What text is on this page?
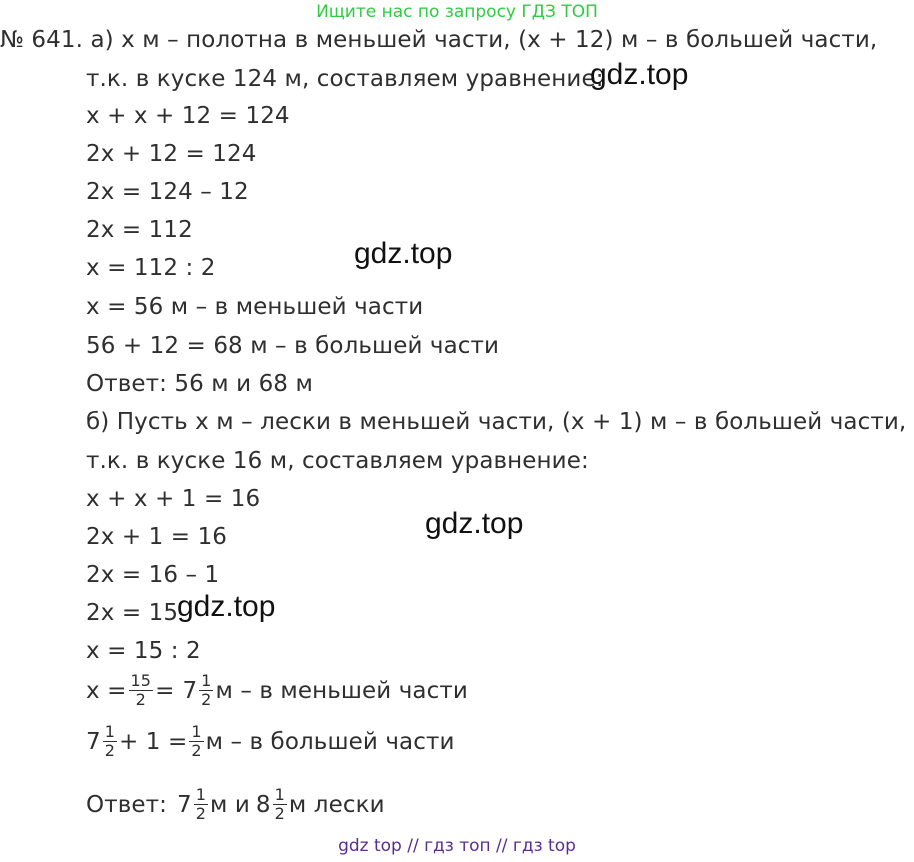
Ищите нас по запросу ГДЗ ТОП
№ 641. а) х м – полотна в меньшей части, (х + 12) м – в большей части,
т.к. в куске 124 м, составляем уравнение:
х + х + 12 = 124
2х + 12 = 124
2х = 124 – 12
2х = 112
х = 112 : 2
х = 56 м – в меньшей части
56 + 12 = 68 м – в большей части
Ответ: 56 м и 68 м
б) Пусть х м – лески в меньшей части, (х + 1) м – в большей части,
т.к. в куске 16 м, составляем уравнение:
х + х + 1 = 16
2х + 1 = 16
2х = 16 – 1
2х = 15
х = 15 : 2
$х = \frac{15}{2} = 7 \frac{1}{2}$ м – в меньшей части
$7 \frac{1}{2} + 1 = \frac{1}{2}$ м – в большей части
Ответ: $7 \frac{1}{2}$ м и $8 \frac{1}{2}$ м лески
gdz.top
gdz.top
gdz.top
gdz.top
gdz top // гдз топ // гдз top
